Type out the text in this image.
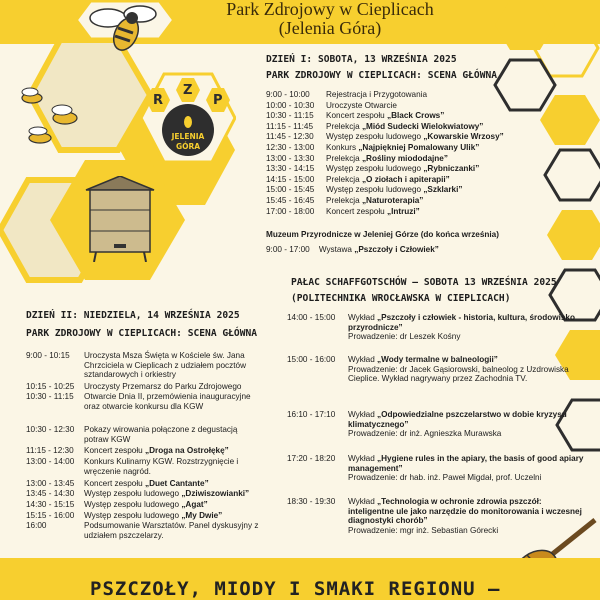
Park Zdrojowy w Cieplicach
(Jelenia Góra)
R
Z
P
JELENIA
GÓRA
DZIEŃ I: SOBOTA, 13 WRZEŚNIA 2025
PARK ZDROJOWY W CIEPLICACH: SCENA GŁÓWNA
9:00 - 10:00 Rejestracja i Przygotowania
10:00 - 10:30 Uroczyste Otwarcie
10:30 - 11:15 Koncert zespołu „Black Crows”
11:15 - 11:45 Prelekcja „Miód Sudecki Wielokwiatowy”
11:45 - 12:30 Występ zespołu ludowego „Kowarskie Wrzosy”
12:30 - 13:00 Konkurs „Najpiękniej Pomalowany Ulik”
13:00 - 13:30 Prelekcja „Rośliny miododajne”
13:30 - 14:15 Występ zespołu ludowego „Rybniczanki”
14:15 - 15:00 Prelekcja „O ziołach i apiterapii”
15:00 - 15:45 Występ zespołu ludowego „Szklarki”
15:45 - 16:45 Prelekcja „Naturoterapia”
17:00 - 18:00 Koncert zespołu „Intruzi”
Muzeum Przyrodnicze w Jeleniej Górze (do końca września)
9:00 - 17:00 Wystawa „Pszczoły i Człowiek”
PAŁAC SCHAFFGOTSCHÓW – SOBOTA 13 WRZEŚNIA 2025
(POLITECHNIKA WROCŁAWSKA W CIEPLICACH)
14:00 - 15:00 Wykład „Pszczoły i człowiek - historia, kultura, środowisko przyrodnicze”
Prowadzenie: dr Leszek Kośny
15:00 - 16:00 Wykład „Wody termalne w balneologii”
Prowadzenie: dr Jacek Gąsiorowski, balneolog z Uzdrowiska Cieplice. Wykład nagrywany przez Zachodnia TV.
16:10 - 17:10 Wykład „Odpowiedzialne pszczelarstwo w dobie kryzysu klimatycznego”
Prowadzenie: dr inż. Agnieszka Murawska
17:20 - 18:20 Wykład „Hygiene rules in the apiary, the basis of good apiary management”
Prowadzenie: dr hab. inż. Paweł Migdał, prof. Uczelni
18:30 - 19:30 Wykład „Technologia w ochronie zdrowia pszczół: inteligentne ule jako narzędzie do monitorowania i wczesnej diagnostyki chorób”
Prowadzenie: mgr inż. Sebastian Górecki
DZIEŃ II: NIEDZIELA, 14 WRZEŚNIA 2025
PARK ZDROJOWY W CIEPLICACH: SCENA GŁÓWNA
9:00 - 10:15 Uroczysta Msza Święta w Kościele św. Jana Chrzciciela w Cieplicach z udziałem pocztów sztandarowych i orkiestry
10:15 - 10:25 Uroczysty Przemarsz do Parku Zdrojowego
10:30 - 11:15 Otwarcie Dnia II, przemówienia inauguracyjne oraz otwarcie konkursu dla KGW
10:30 - 12:30 Pokazy wirowania połączone z degustacją potraw KGW
11:15 - 12:30 Koncert zespołu „Droga na Ostrołękę”
13:00 - 14:00 Konkurs Kulinarny KGW. Rozstrzygnięcie i wręczenie nagród.
13:00 - 13:45 Koncert zespołu „Duet Cantante”
13:45 - 14:30 Występ zespołu ludowego „Dziwiszowianki”
14:30 - 15:15 Występ zespołu ludowego „Agat”
15:15 - 16:00 Występ zespołu ludowego „My Dwie”
16:00	Podsumowanie Warsztatów. Panel dyskusyjny z udziałem pszczelarzy.
PSZCZOŁY, MIODY I SMAKI REGIONU –
